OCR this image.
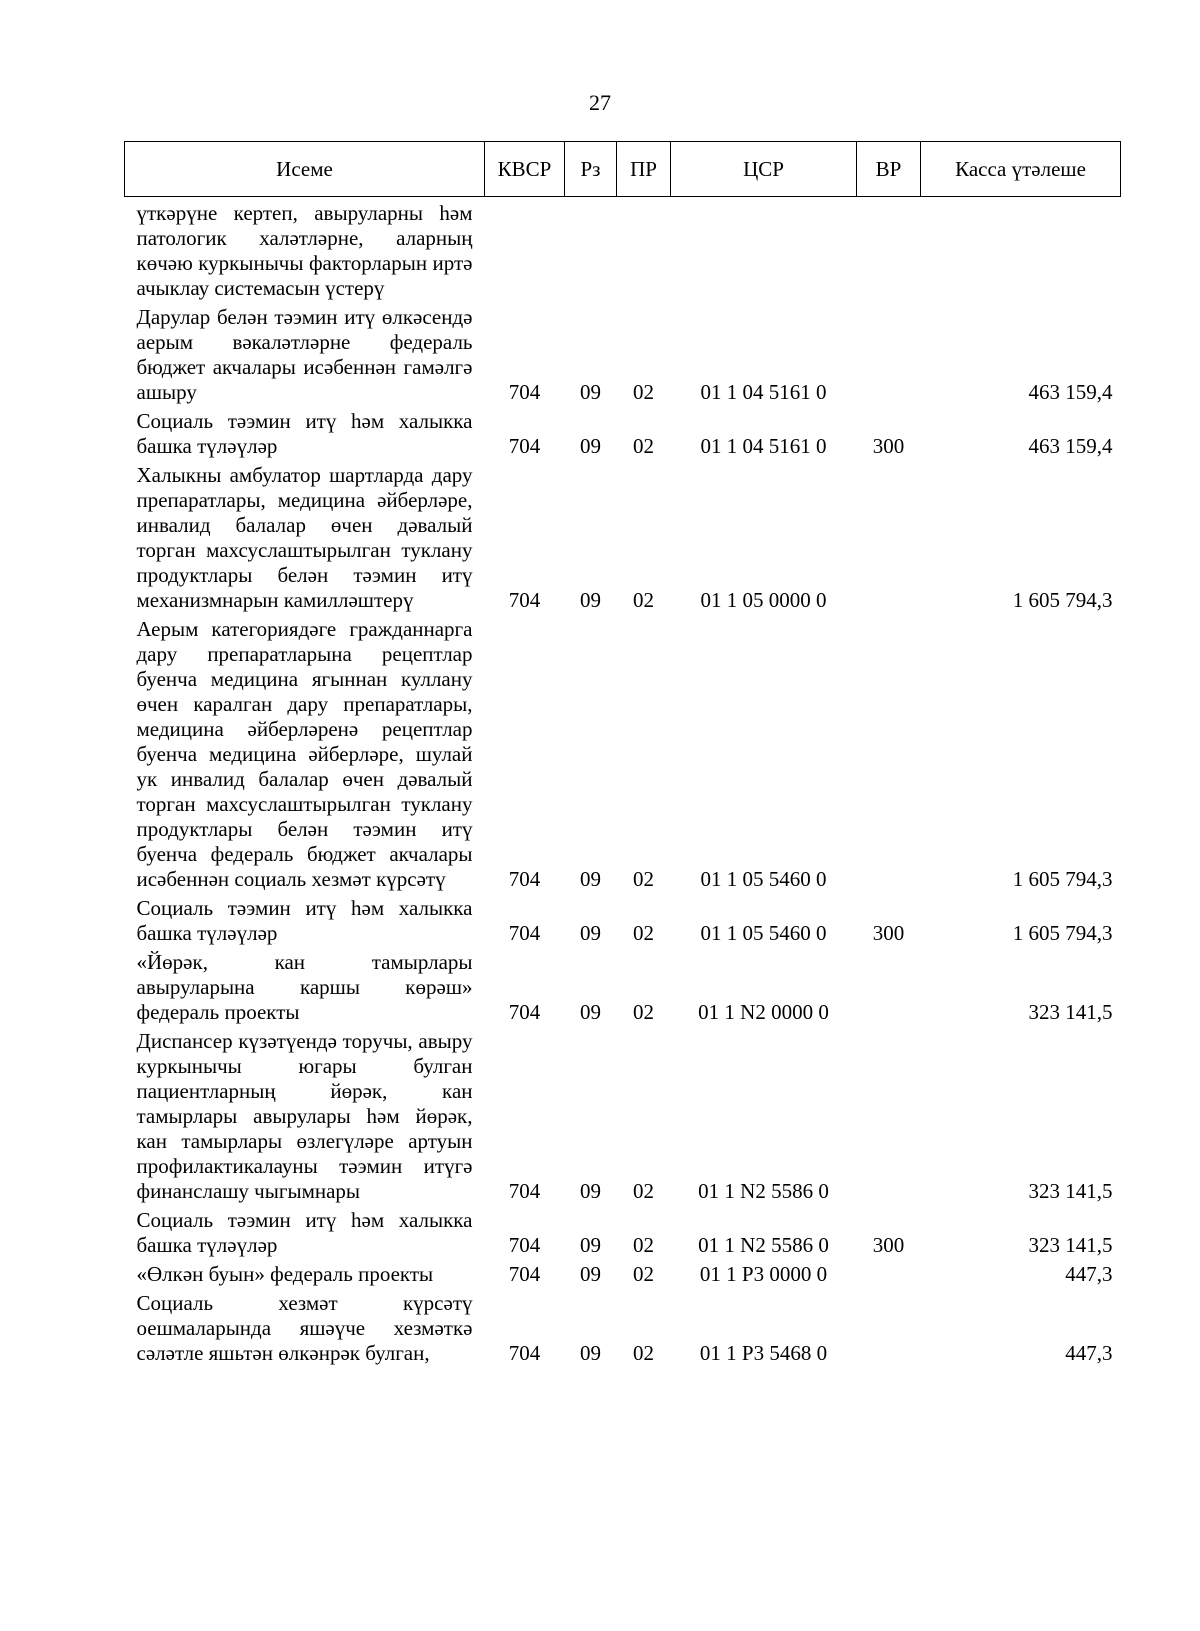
27
Исеме	КВСР	Рз	ПР	ЦСР	ВР	Касса үтәлеше
үткәрүне кертеп, авыруларны һәм патологик халәтләрне, аларның көчәю куркынычы факторларын иртә ачыклау системасын үстерү						
Дарулар белән тәэмин итү өлкәсендә аерым вәкаләтләрне федераль бюджет акчалары исәбеннән гамәлгә ашыру	704	09	02	01 1 04 5161 0		463 159,4
Социаль тәэмин итү һәм халыкка башка түләүләр	704	09	02	01 1 04 5161 0	300	463 159,4
Халыкны амбулатор шартларда дару препаратлары, медицина әйберләре, инвалид балалар өчен дәвалый торган махсуслаштырылган туклану продуктлары белән тәэмин итү механизмнарын камилләштерү	704	09	02	01 1 05 0000 0		1 605 794,3
Аерым категориядәге гражданнарга дару препаратларына рецептлар буенча медицина ягыннан куллану өчен каралган дару препаратлары, медицина әйберләренә рецептлар буенча медицина әйберләре, шулай ук инвалид балалар өчен дәвалый торган махсуслаштырылган туклану продуктлары белән тәэмин итү буенча федераль бюджет акчалары исәбеннән социаль хезмәт күрсәтү	704	09	02	01 1 05 5460 0		1 605 794,3
Социаль тәэмин итү һәм халыкка башка түләүләр	704	09	02	01 1 05 5460 0	300	1 605 794,3
«Йөрәк, кан тамырлары авыруларына каршы көрәш» федераль проекты	704	09	02	01 1 N2 0000 0		323 141,5
Диспансер күзәтүендә торучы, авыру куркынычы югары булган пациентларның йөрәк, кан тамырлары авырулары һәм йөрәк, кан тамырлары өзлегүләре артуын профилактикалауны тәэмин итүгә финанслашу чыгымнары	704	09	02	01 1 N2 5586 0		323 141,5
Социаль тәэмин итү һәм халыкка башка түләүләр	704	09	02	01 1 N2 5586 0	300	323 141,5
«Өлкән буын» федераль проекты	704	09	02	01 1 P3 0000 0		447,3
Социаль хезмәт күрсәтү оешмаларында яшәүче хезмәткә сәләтле яшьтән өлкәнрәк булган,	704	09	02	01 1 P3 5468 0		447,3
